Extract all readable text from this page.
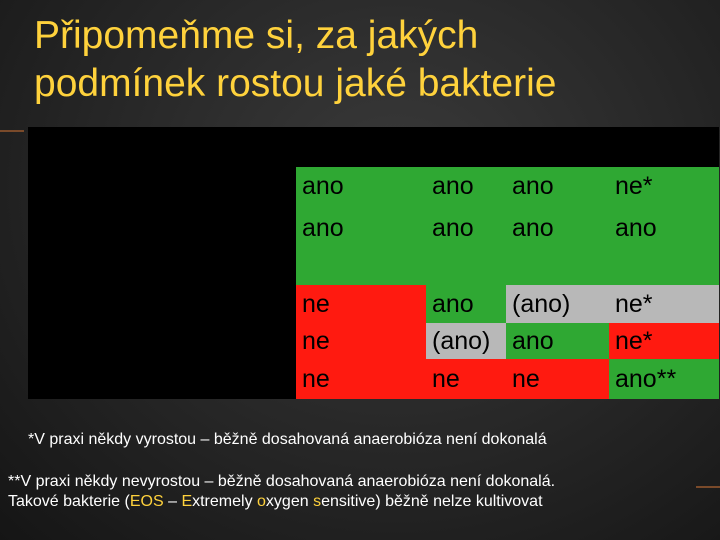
Připomeňme si, za jakých
podmínek rostou jaké bakterie
Prostředí	Normální	↓ $O_2$	↑ $CO_2$	Bez $O_2$
Striktní aeroby	ano	ano	ano	ne*
Fakultativ. anaeroby	ano	ano	ano	ano
Aerotolorantní bakt.				
Mikroaerofilní bakt.	ne	ano	(ano)	ne*
Kapnofilní bakterie	ne	(ano)	ano	ne*
Striktní anaeroby	ne	ne	ne	ano**
*V praxi někdy vyrostou – běžně dosahovaná anaerobióza není dokonalá
**V praxi někdy nevyrostou – běžně dosahovaná anaerobióza není dokonalá.
Takové bakterie (EOS – Extremely oxygen sensitive) běžně nelze kultivovat
